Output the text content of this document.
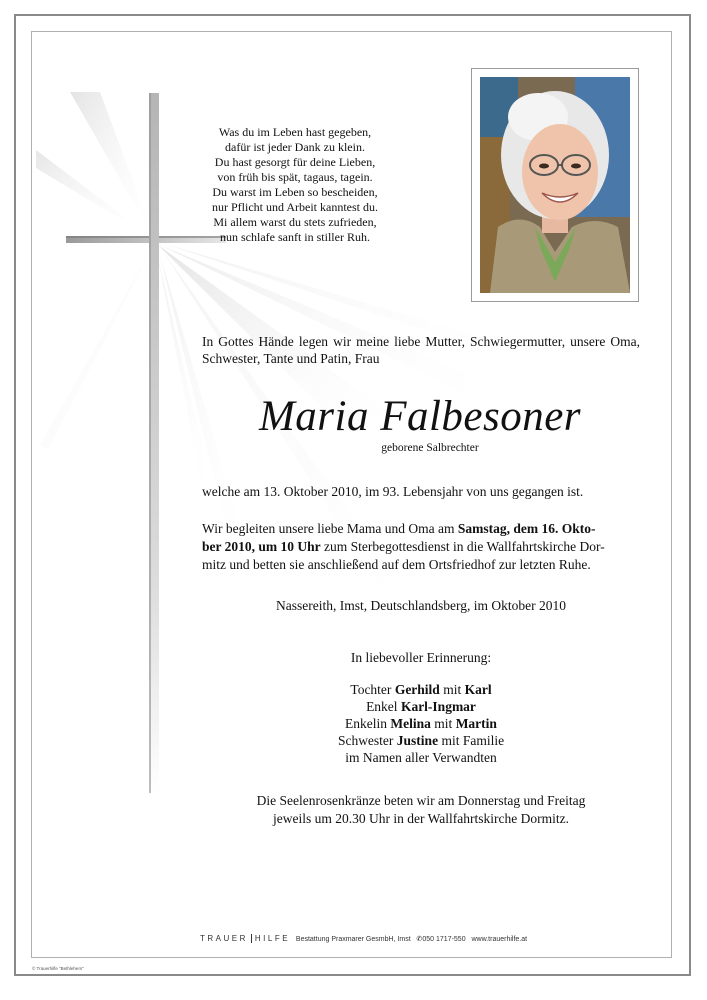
Was du im Leben hast gegeben,
dafür ist jeder Dank zu klein.
Du hast gesorgt für deine Lieben,
von früh bis spät, tagaus, tagein.
Du warst im Leben so bescheiden,
nur Pflicht und Arbeit kanntest du.
Mi allem warst du stets zufrieden,
nun schlafe sanft in stiller Ruh.
In Gottes Hände legen wir meine liebe Mutter, Schwiegermutter, unsere Oma, Schwester, Tante und Patin, Frau
Maria Falbesoner
geborene Salbrechter
welche am 13. Oktober 2010, im 93. Lebensjahr von uns gegangen ist.
Wir begleiten unsere liebe Mama und Oma am Samstag, dem 16. Okto-
ber 2010, um 10 Uhr zum Sterbegottesdienst in die Wallfahrtskirche Dor-
mitz und betten sie anschließend auf dem Ortsfriedhof zur letzten Ruhe.
Nassereith, Imst, Deutschlandsberg, im Oktober 2010
In liebevoller Erinnerung:
Tochter Gerhild mit Karl
Enkel Karl-Ingmar
Enkelin Melina mit Martin
Schwester Justine mit Familie
im Namen aller Verwandten
Die Seelenrosenkränze beten wir am Donnerstag und Freitag
jeweils um 20.30 Uhr in der Wallfahrtskirche Dormitz.
TRAUER HILFE Bestattung Praxmarer GesmbH, Imst ✆050 1717-550 www.trauerhilfe.at
© Trauerhilfe "Bethlehem"
